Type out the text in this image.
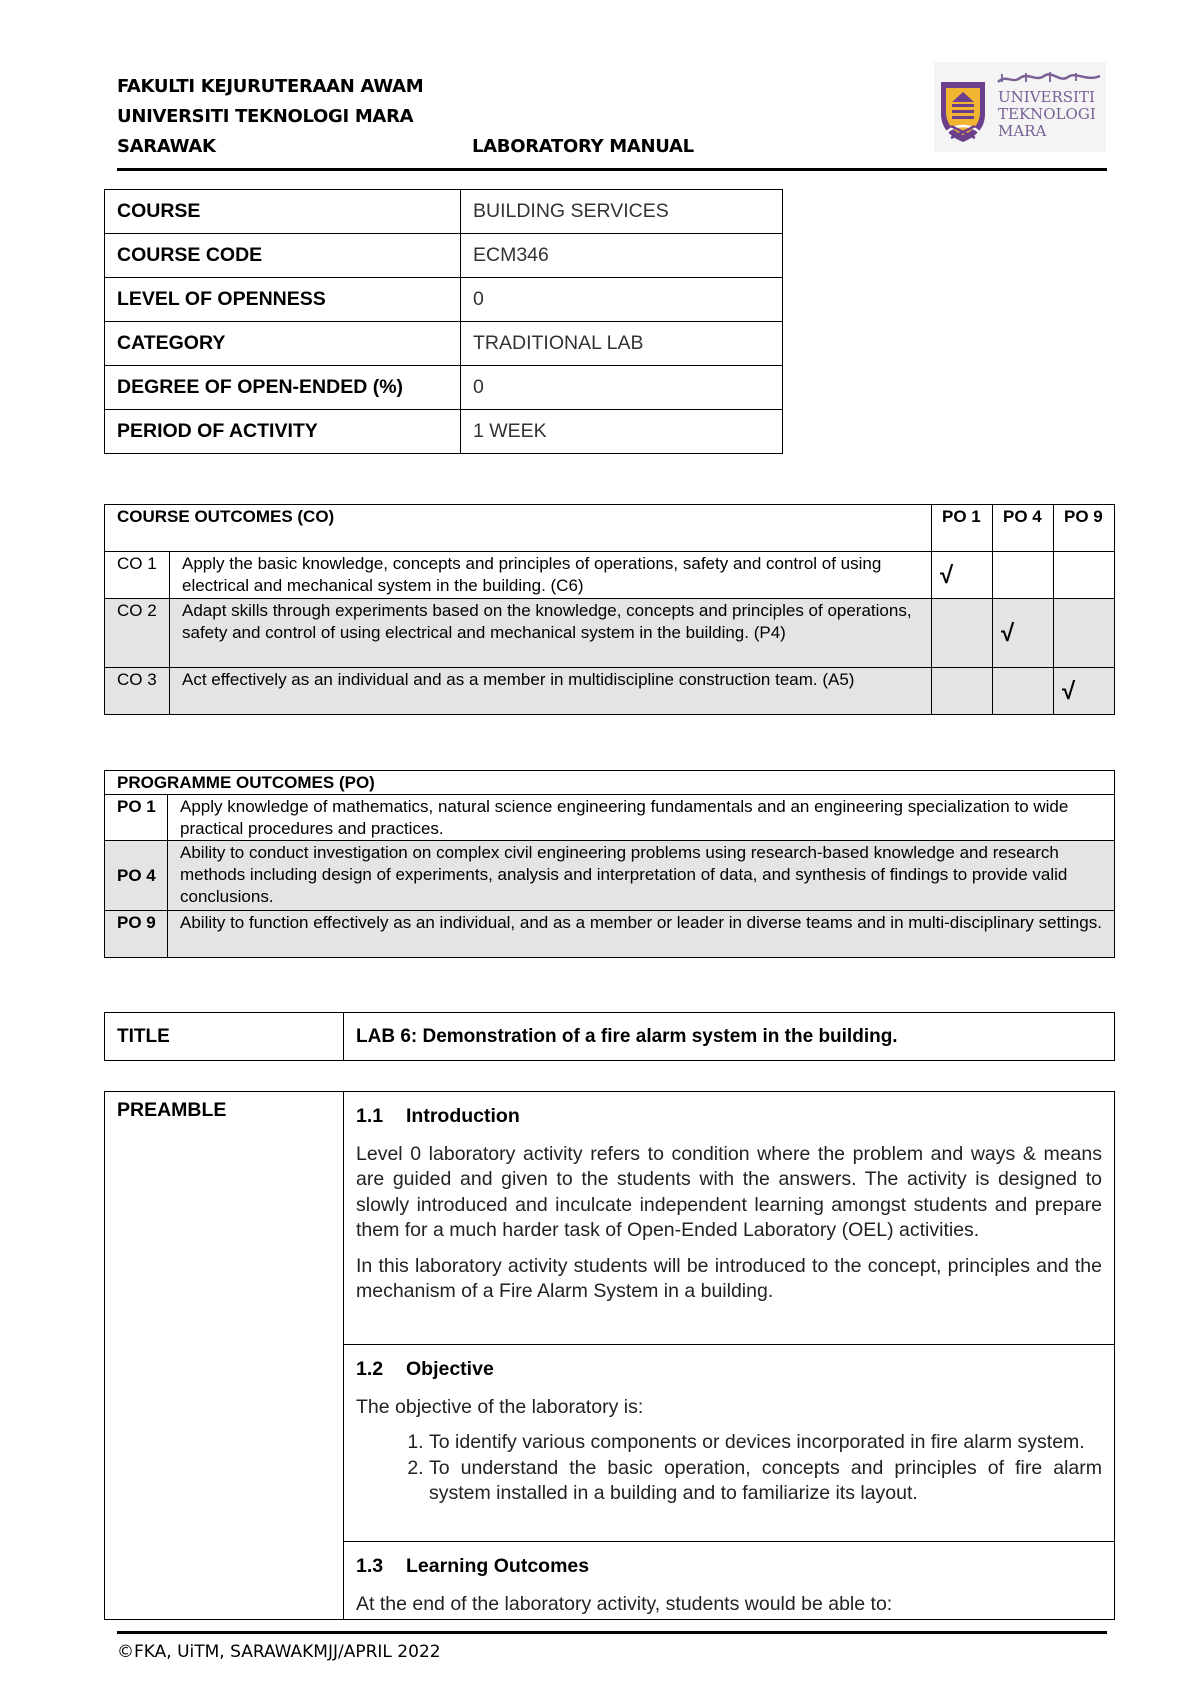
FAKULTI KEJURUTERAAN AWAM
UNIVERSITI TEKNOLOGI MARA
SARAWAK	LABORATORY MANUAL
UNIVERSITI
TEKNOLOGI
MARA
COURSE	BUILDING SERVICES
COURSE CODE	ECM346
LEVEL OF OPENNESS	0
CATEGORY	TRADITIONAL LAB
DEGREE OF OPEN-ENDED (%)	0
PERIOD OF ACTIVITY	1 WEEK
COURSE OUTCOMES (CO)		PO 1	PO 4	PO 9
CO 1	Apply the basic knowledge, concepts and principles of operations, safety and control of using electrical and mechanical system in the building. (C6)	√		
CO 2	Adapt skills through experiments based on the knowledge, concepts and principles of operations, safety and control of using electrical and mechanical system in the building. (P4)		√	
CO 3	Act effectively as an individual and as a member in multidiscipline construction team. (A5)			√
PROGRAMME OUTCOMES (PO)	
PO 1	Apply knowledge of mathematics, natural science engineering fundamentals and an engineering specialization to wide practical procedures and practices.
PO 4	Ability to conduct investigation on complex civil engineering problems using research-based knowledge and research methods including design of experiments, analysis and interpretation of data, and synthesis of findings to provide valid conclusions.
PO 9	Ability to function effectively as an individual, and as a member or leader in diverse teams and in multi-disciplinary settings.
TITLE	LAB 6: Demonstration of a fire alarm system in the building.
PREAMBLE	1.1 Introduction

Level 0 laboratory activity refers to condition where the problem and ways & means are guided and given to the students with the answers. The activity is designed to slowly introduced and inculcate independent learning amongst students and prepare them for a much harder task of Open-Ended Laboratory (OEL) activities.

In this laboratory activity students will be introduced to the concept, principles and the mechanism of a Fire Alarm System in a building.

1.2 Objective

The objective of the laboratory is:

1. To identify various components or devices incorporated in fire alarm system.
2. To understand the basic operation, concepts and principles of fire alarm system installed in a building and to familiarize its layout.

1.3 Learning Outcomes

At the end of the laboratory activity, students would be able to:

©FKA, UiTM, SARAWAKMJJ/APRIL 2022
